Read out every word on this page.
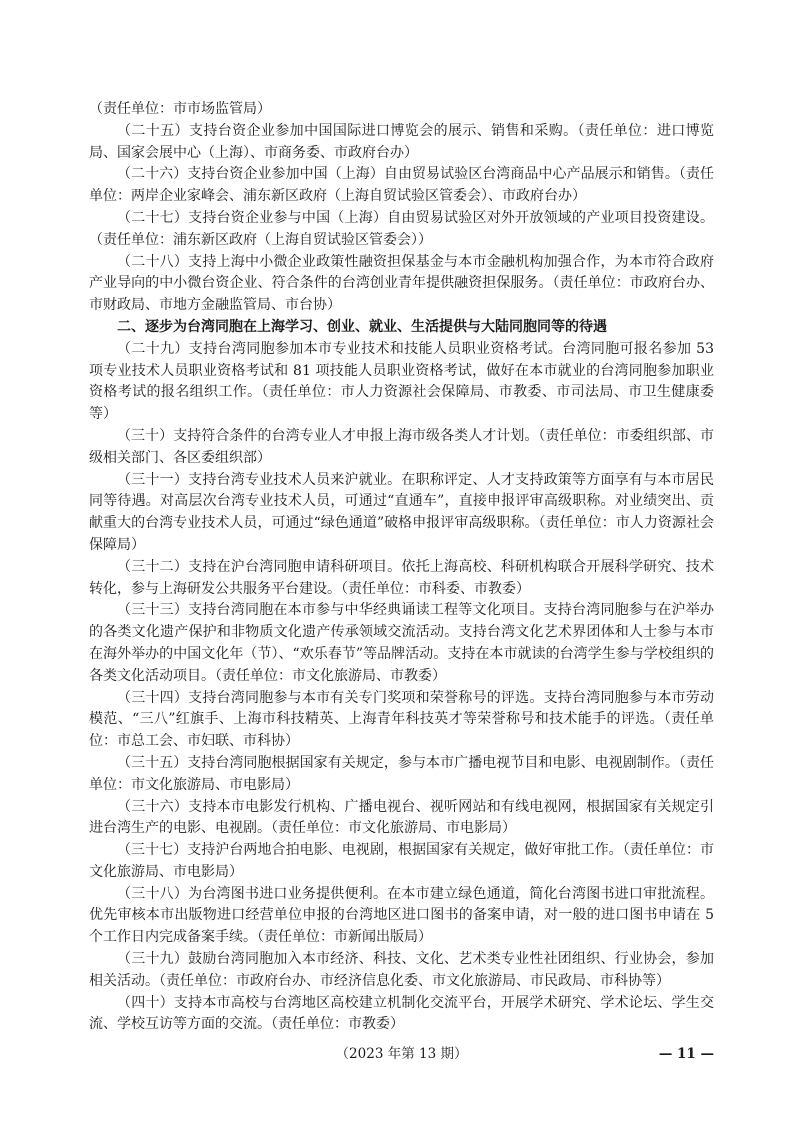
（责任单位：市市场监管局）

（二十五）支持台资企业参加中国国际进口博览会的展示、销售和采购。（责任单位：进口博览局、国家会展中心（上海）、市商务委、市政府台办）

（二十六）支持台资企业参加中国（上海）自由贸易试验区台湾商品中心产品展示和销售。（责任单位：两岸企业家峰会、浦东新区政府（上海自贸试验区管委会）、市政府台办）

（二十七）支持台资企业参与中国（上海）自由贸易试验区对外开放领域的产业项目投资建设。（责任单位：浦东新区政府（上海自贸试验区管委会））

（二十八）支持上海中小微企业政策性融资担保基金与本市金融机构加强合作，为本市符合政府产业导向的中小微台资企业、符合条件的台湾创业青年提供融资担保服务。（责任单位：市政府台办、市财政局、市地方金融监管局、市台协）

二、逐步为台湾同胞在上海学习、创业、就业、生活提供与大陆同胞同等的待遇

（二十九）支持台湾同胞参加本市专业技术和技能人员职业资格考试。台湾同胞可报名参加 53 项专业技术人员职业资格考试和 81 项技能人员职业资格考试，做好在本市就业的台湾同胞参加职业资格考试的报名组织工作。（责任单位：市人力资源社会保障局、市教委、市司法局、市卫生健康委等）

（三十）支持符合条件的台湾专业人才申报上海市级各类人才计划。（责任单位：市委组织部、市级相关部门、各区委组织部）

（三十一）支持台湾专业技术人员来沪就业。在职称评定、人才支持政策等方面享有与本市居民同等待遇。对高层次台湾专业技术人员，可通过“直通车”，直接申报评审高级职称。对业绩突出、贡献重大的台湾专业技术人员，可通过“绿色通道”破格申报评审高级职称。（责任单位：市人力资源社会保障局）

（三十二）支持在沪台湾同胞申请科研项目。依托上海高校、科研机构联合开展科学研究、技术转化，参与上海研发公共服务平台建设。（责任单位：市科委、市教委）

（三十三）支持台湾同胞在本市参与中华经典诵读工程等文化项目。支持台湾同胞参与在沪举办的各类文化遗产保护和非物质文化遗产传承领域交流活动。支持台湾文化艺术界团体和人士参与本市在海外举办的中国文化年（节）、“欢乐春节”等品牌活动。支持在本市就读的台湾学生参与学校组织的各类文化活动项目。（责任单位：市文化旅游局、市教委）

（三十四）支持台湾同胞参与本市有关专门奖项和荣誉称号的评选。支持台湾同胞参与本市劳动模范、“三八”红旗手、上海市科技精英、上海青年科技英才等荣誉称号和技术能手的评选。（责任单位：市总工会、市妇联、市科协）

（三十五）支持台湾同胞根据国家有关规定，参与本市广播电视节目和电影、电视剧制作。（责任单位：市文化旅游局、市电影局）

（三十六）支持本市电影发行机构、广播电视台、视听网站和有线电视网，根据国家有关规定引进台湾生产的电影、电视剧。（责任单位：市文化旅游局、市电影局）

（三十七）支持沪台两地合拍电影、电视剧，根据国家有关规定，做好审批工作。（责任单位：市文化旅游局、市电影局）

（三十八）为台湾图书进口业务提供便利。在本市建立绿色通道，简化台湾图书进口审批流程。优先审核本市出版物进口经营单位申报的台湾地区进口图书的备案申请，对一般的进口图书申请在 5 个工作日内完成备案手续。（责任单位：市新闻出版局）

（三十九）鼓励台湾同胞加入本市经济、科技、文化、艺术类专业性社团组织、行业协会，参加相关活动。（责任单位：市政府台办、市经济信息化委、市文化旅游局、市民政局、市科协等）

（四十）支持本市高校与台湾地区高校建立机制化交流平台，开展学术研究、学术论坛、学生交流、学校互访等方面的交流。（责任单位：市教委）

（2023 年第 13 期）	— 11 —
